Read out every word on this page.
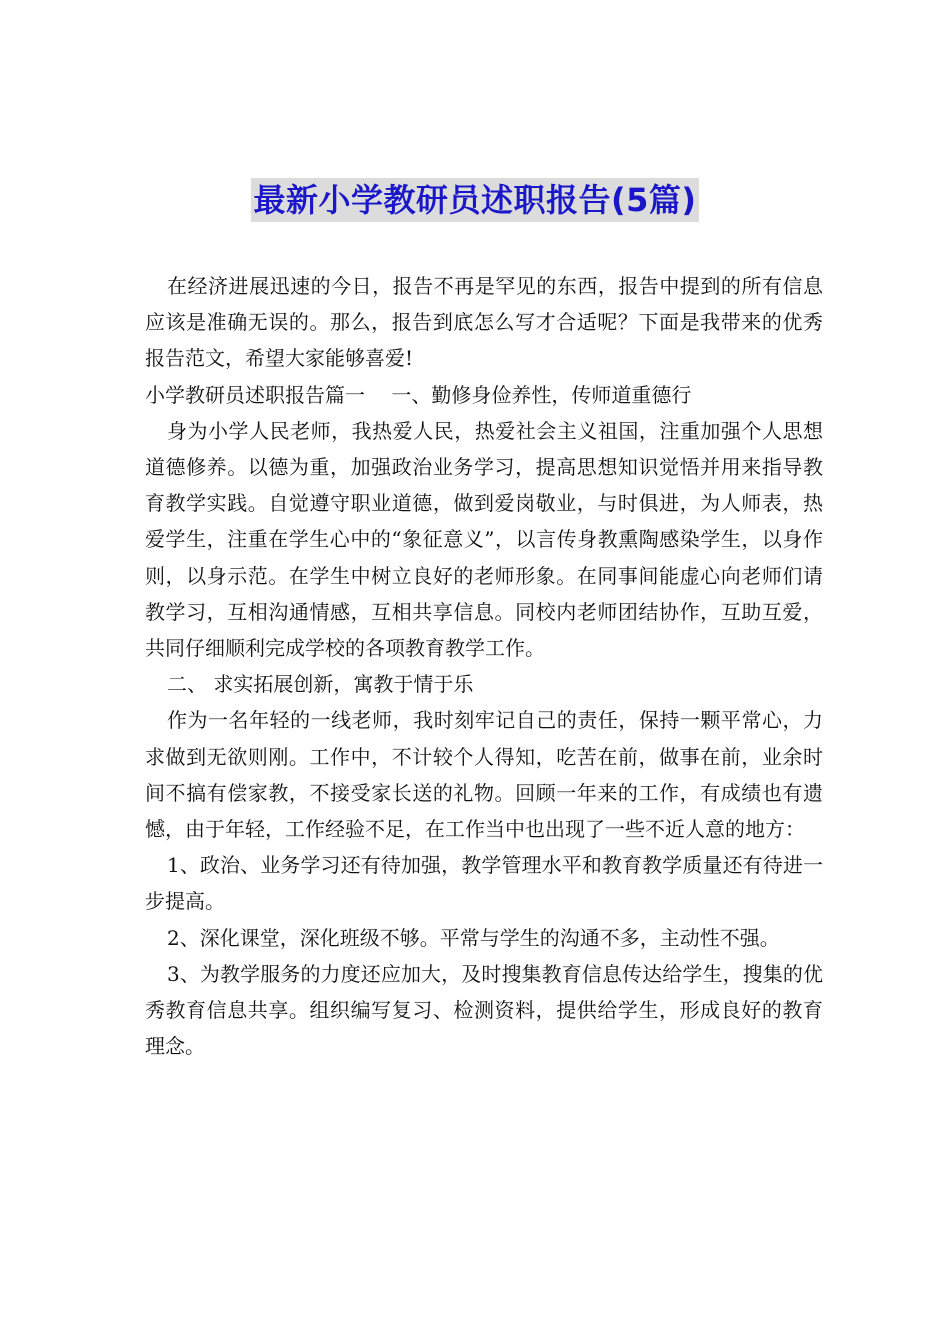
最新小学教研员述职报告(5篇)

在经济进展迅速的今日，报告不再是罕见的东西，报告中提到的所有信息应该是准确无误的。那么，报告到底怎么写才合适呢？下面是我带来的优秀报告范文，希望大家能够喜爱!

小学教研员述职报告篇一　 一、勤修身俭养性，传师道重德行

身为小学人民老师，我热爱人民，热爱社会主义祖国，注重加强个人思想道德修养。以德为重，加强政治业务学习，提高思想知识觉悟并用来指导教育教学实践。自觉遵守职业道德，做到爱岗敬业，与时俱进，为人师表，热爱学生，注重在学生心中的“象征意义”，以言传身教熏陶感染学生，以身作则，以身示范。在学生中树立良好的老师形象。在同事间能虚心向老师们请教学习，互相沟通情感，互相共享信息。同校内老师团结协作，互助互爱，共同仔细顺利完成学校的各项教育教学工作。

二、 求实拓展创新，寓教于情于乐

作为一名年轻的一线老师，我时刻牢记自己的责任，保持一颗平常心，力求做到无欲则刚。工作中，不计较个人得知，吃苦在前，做事在前，业余时间不搞有偿家教，不接受家长送的礼物。回顾一年来的工作，有成绩也有遗憾，由于年轻，工作经验不足，在工作当中也出现了一些不近人意的地方：

1、政治、业务学习还有待加强，教学管理水平和教育教学质量还有待进一步提高。

2、深化课堂，深化班级不够。平常与学生的沟通不多，主动性不强。

3、为教学服务的力度还应加大，及时搜集教育信息传达给学生，搜集的优秀教育信息共享。组织编写复习、检测资料，提供给学生，形成良好的教育理念。
